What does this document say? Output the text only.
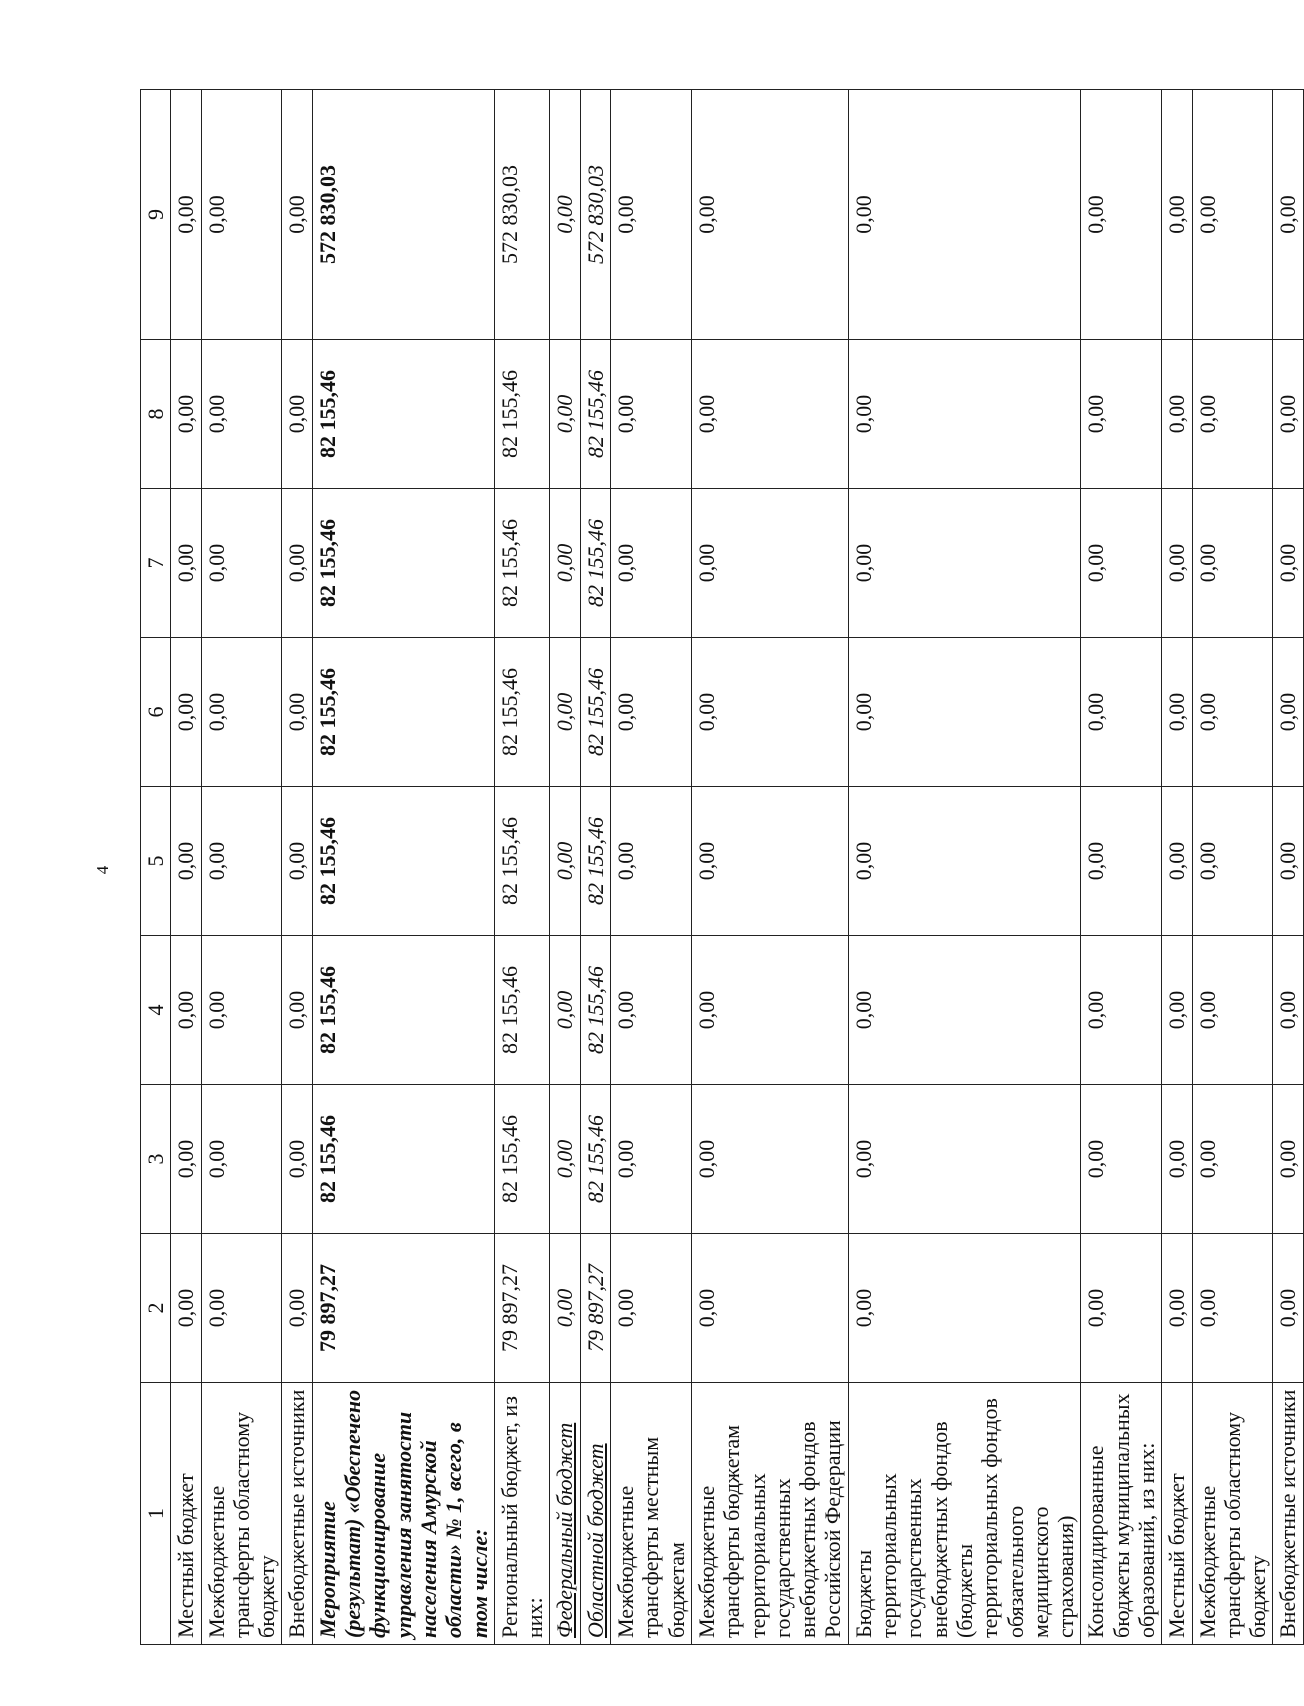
4
1	2	3	4	5	6	7	8	9
Местный бюджет	0,00	0,00	0,00	0,00	0,00	0,00	0,00	0,00
Межбюджетные трансферты областному бюджету	0,00	0,00	0,00	0,00	0,00	0,00	0,00	0,00
Внебюджетные источники	0,00	0,00	0,00	0,00	0,00	0,00	0,00	0,00
Мероприятие (результат) «Обеспечено функционирование управления занятости населения Амурской области» № 1, всего, в том числе:	79 897,27	82 155,46	82 155,46	82 155,46	82 155,46	82 155,46	82 155,46	572 830,03
Региональный бюджет, из них:	79 897,27	82 155,46	82 155,46	82 155,46	82 155,46	82 155,46	82 155,46	572 830,03
Федеральный бюджет	0,00	0,00	0,00	0,00	0,00	0,00	0,00	0,00
Областной бюджет	79 897,27	82 155,46	82 155,46	82 155,46	82 155,46	82 155,46	82 155,46	572 830,03
Межбюджетные трансферты местным бюджетам	0,00	0,00	0,00	0,00	0,00	0,00	0,00	0,00
Межбюджетные трансферты бюджетам территориальных государственных внебюджетных фондов Российской Федерации	0,00	0,00	0,00	0,00	0,00	0,00	0,00	0,00
Бюджеты территориальных государственных внебюджетных фондов (бюджеты территориальных фондов обязательного медицинского страхования)	0,00	0,00	0,00	0,00	0,00	0,00	0,00	0,00
Консолидированные бюджеты муниципальных образований, из них:	0,00	0,00	0,00	0,00	0,00	0,00	0,00	0,00
Местный бюджет	0,00	0,00	0,00	0,00	0,00	0,00	0,00	0,00
Межбюджетные трансферты областному бюджету	0,00	0,00	0,00	0,00	0,00	0,00	0,00	0,00
Внебюджетные источники	0,00	0,00	0,00	0,00	0,00	0,00	0,00	0,00
